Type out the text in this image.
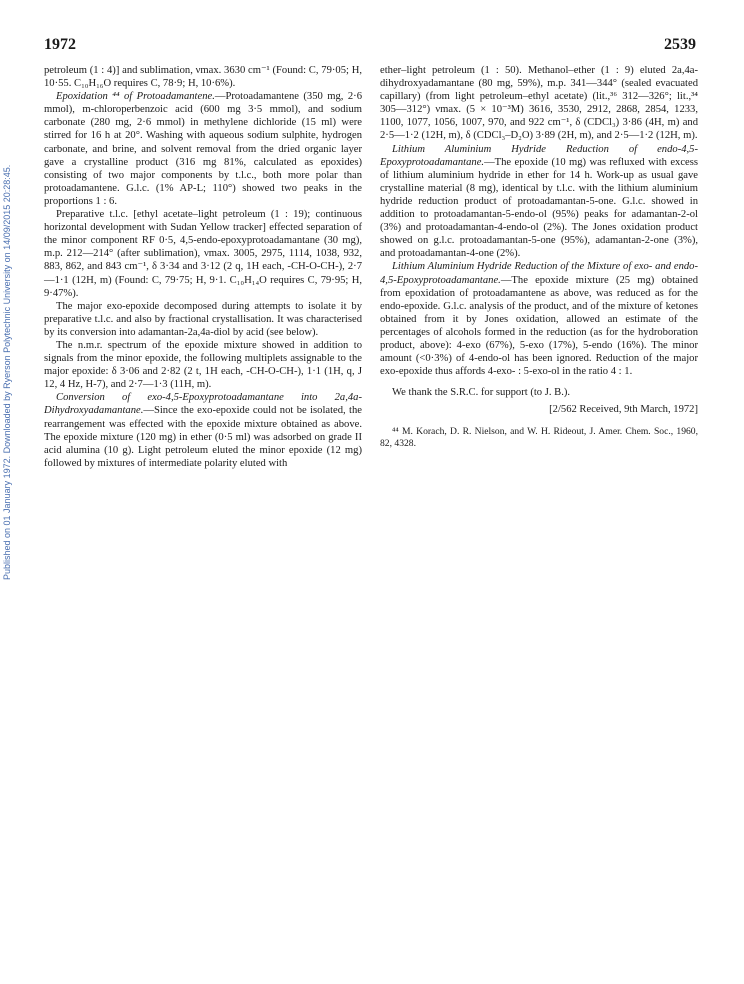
1972	2539
Published on 01 January 1972. Downloaded by Ryerson Polytechnic University on 14/09/2015 20:28:45.

petroleum (1 : 4)] and sublimation, νmax. 3630 cm⁻¹ (Found: C, 79·05; H, 10·55. C₁₀H₁₆O requires C, 78·9; H, 10·6%).

Epoxidation ⁴⁴ of Protoadamantene.—Protoadamantene (350 mg, 2·6 mmol), m-chloroperbenzoic acid (600 mg 3·5 mmol), and sodium carbonate (280 mg, 2·6 mmol) in methylene dichloride (15 ml) were stirred for 16 h at 20°. Washing with aqueous sodium sulphite, hydrogen carbonate, and brine, and solvent removal from the dried organic layer gave a crystalline product (316 mg 81%, calculated as epoxides) consisting of two major components by t.l.c., both more polar than protoadamantene. G.l.c. (1% AP-L; 110°) showed two peaks in the proportions 1 : 6.

Preparative t.l.c. [ethyl acetate–light petroleum (1 : 19); continuous horizontal development with Sudan Yellow tracker] effected separation of the minor component RF 0·5, 4,5-endo-epoxyprotoadamantane (30 mg), m.p. 212—214° (after sublimation), νmax. 3005, 2975, 1114, 1038, 932, 883, 862, and 843 cm⁻¹, δ 3·34 and 3·12 (2 q, 1H each, -CH-O-CH-), 2·7—1·1 (12H, m) (Found: C, 79·75; H, 9·1. C₁₀H₁₄O requires C, 79·95; H, 9·47%).

The major exo-epoxide decomposed during attempts to isolate it by preparative t.l.c. and also by fractional crystallisation. It was characterised by its conversion into adamantan-2a,4a-diol by acid (see below).

The n.m.r. spectrum of the epoxide mixture showed in addition to signals from the minor epoxide, the following multiplets assignable to the major epoxide: δ 3·06 and 2·82 (2 t, 1H each, -CH-O-CH-), 1·1 (1H, q, J 12, 4 Hz, H-7), and 2·7—1·3 (11H, m).

Conversion of exo-4,5-Epoxyprotoadamantane into 2a,4a-Dihydroxyadamantane.—Since the exo-epoxide could not be isolated, the rearrangement was effected with the epoxide mixture obtained as above. The epoxide mixture (120 mg) in ether (0·5 ml) was adsorbed on grade II acid alumina (10 g). Light petroleum eluted the minor epoxide (12 mg) followed by mixtures of intermediate polarity eluted with

ether–light petroleum (1 : 50). Methanol–ether (1 : 9) eluted 2a,4a-dihydroxyadamantane (80 mg, 59%), m.p. 341—344° (sealed evacuated capillary) (from light petroleum–ethyl acetate) (lit.,³⁶ 312—326°; lit.,³⁴ 305—312°) νmax. (5 × 10⁻³M) 3616, 3530, 2912, 2868, 2854, 1233, 1100, 1077, 1056, 1007, 970, and 922 cm⁻¹, δ (CDCl₃) 3·86 (4H, m) and 2·5—1·2 (12H, m), δ (CDCl₃–D₂O) 3·89 (2H, m), and 2·5—1·2 (12H, m).

Lithium Aluminium Hydride Reduction of endo-4,5-Epoxyprotoadamantane.—The epoxide (10 mg) was refluxed with excess of lithium aluminium hydride in ether for 14 h. Work-up as usual gave crystalline material (8 mg), identical by t.l.c. with the lithium aluminium hydride reduction product of protoadamantan-5-one. G.l.c. showed in addition to protoadamantan-5-endo-ol (95%) peaks for adamantan-2-ol (3%) and protoadamantan-4-endo-ol (2%). The Jones oxidation product showed on g.l.c. protoadamantan-5-one (95%), adamantan-2-one (3%), and protoadamantan-4-one (2%).

Lithium Aluminium Hydride Reduction of the Mixture of exo- and endo-4,5-Epoxyprotoadamantane.—The epoxide mixture (25 mg) obtained from epoxidation of protoadamantene as above, was reduced as for the endo-epoxide. G.l.c. analysis of the product, and of the mixture of ketones obtained from it by Jones oxidation, allowed an estimate of the percentages of alcohols formed in the reduction (as for the hydroboration product, above): 4-exo (67%), 5-exo (17%), 5-endo (16%). The minor amount (<0·3%) of 4-endo-ol has been ignored. Reduction of the major exo-epoxide thus affords 4-exo- : 5-exo-ol in the ratio 4 : 1.

We thank the S.R.C. for support (to J. B.).

[2/562 Received, 9th March, 1972]

⁴⁴ M. Korach, D. R. Nielson, and W. H. Rideout, J. Amer. Chem. Soc., 1960, 82, 4328.
